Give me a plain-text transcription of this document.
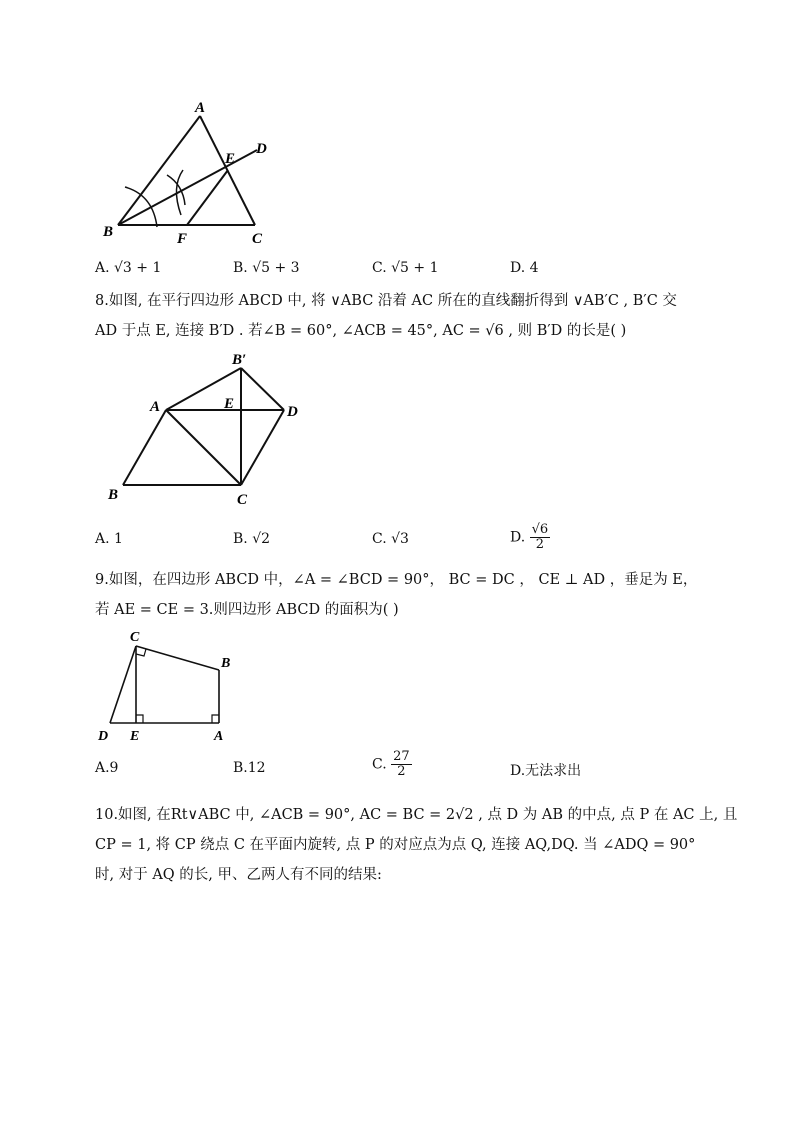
A
B	C
D
E
F
A. √3 + 1	B. √5 + 3	C. √5 + 1	D. 4
8.如图, 在平行四边形 ABCD 中, 将 ∨ABC 沿着 AC 所在的直线翻折得到 ∨AB′C , B′C 交
AD 于点 E, 连接 B′D . 若∠B = 60°, ∠ACB = 45°, AC = √6 , 则 B′D 的长是( )
B′
A	E	D
B	C
A. 1	B. √2	C. √3	D. $\frac{√6}{2}$
9.如图，在四边形 ABCD 中，∠A = ∠BCD = 90°， BC = DC ， CE ⊥ AD ，垂足为 E，
若 AE = CE = 3.则四边形 ABCD 的面积为( )
C
B
D E	A
A.9	B.12	C. $\frac{27}{2}$	D.无法求出
10.如图, 在Rt∨ABC 中, ∠ACB = 90°, AC = BC = 2√2 , 点 D 为 AB 的中点, 点 P 在 AC 上, 且
CP = 1, 将 CP 绕点 C 在平面内旋转, 点 P 的对应点为点 Q, 连接 AQ,DQ. 当 ∠ADQ = 90°
时, 对于 AQ 的长, 甲、乙两人有不同的结果:
